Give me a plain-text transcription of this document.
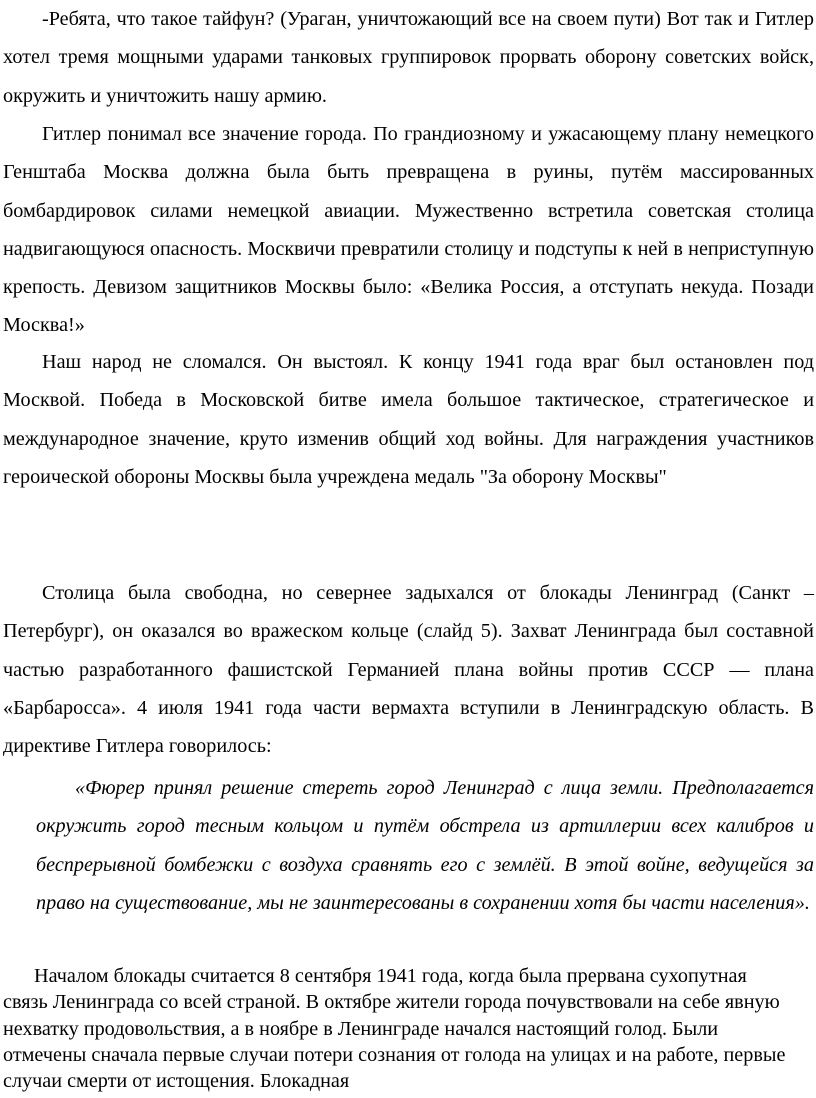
-Ребята, что такое тайфун? (Ураган, уничтожающий все на своем пути) Вот так и Гитлер хотел тремя мощными ударами танковых группировок прорвать оборону советских войск, окружить и уничтожить нашу армию.

Гитлер понимал все значение города. По грандиозному и ужасающему плану немецкого Генштаба Москва должна была быть превращена в руины, путём массированных бомбардировок силами немецкой авиации. Мужественно встретила советская столица надвигающуюся опасность. Москвичи превратили столицу и подступы к ней в неприступную крепость. Девизом защитников Москвы было: «Велика Россия, а отступать некуда. Позади Москва!»

Наш народ не сломался. Он выстоял. К концу 1941 года враг был остановлен под Москвой. Победа в Московской битве имела большое тактическое, стратегическое и международное значение, круто изменив общий ход войны. Для награждения участников героической обороны Москвы была учреждена медаль "За оборону Москвы"

Столица была свободна, но севернее задыхался от блокады Ленинград (Санкт – Петербург), он оказался во вражеском кольце (слайд 5). Захват Ленинграда был составной частью разработанного фашистской Германией плана войны против СССР — плана «Барбаросса». 4 июля 1941 года части вермахта вступили в Ленинградскую область. В директиве Гитлера говорилось:

«Фюрер принял решение стереть город Ленинград с лица земли. Предполагается окружить город тесным кольцом и путём обстрела из артиллерии всех калибров и беспрерывной бомбежки с воздуха сравнять его с землёй. В этой войне, ведущейся за право на существование, мы не заинтересованы в сохранении хотя бы части населения».

Началом блокады считается 8 сентября 1941 года, когда была прервана сухопутная связь Ленинграда со всей страной. В октябре жители города почувствовали на себе явную нехватку продовольствия, а в ноябре в Ленинграде начался настоящий голод. Были отмечены сначала первые случаи потери сознания от голода на улицах и на работе, первые случаи смерти от истощения. Блокадная
